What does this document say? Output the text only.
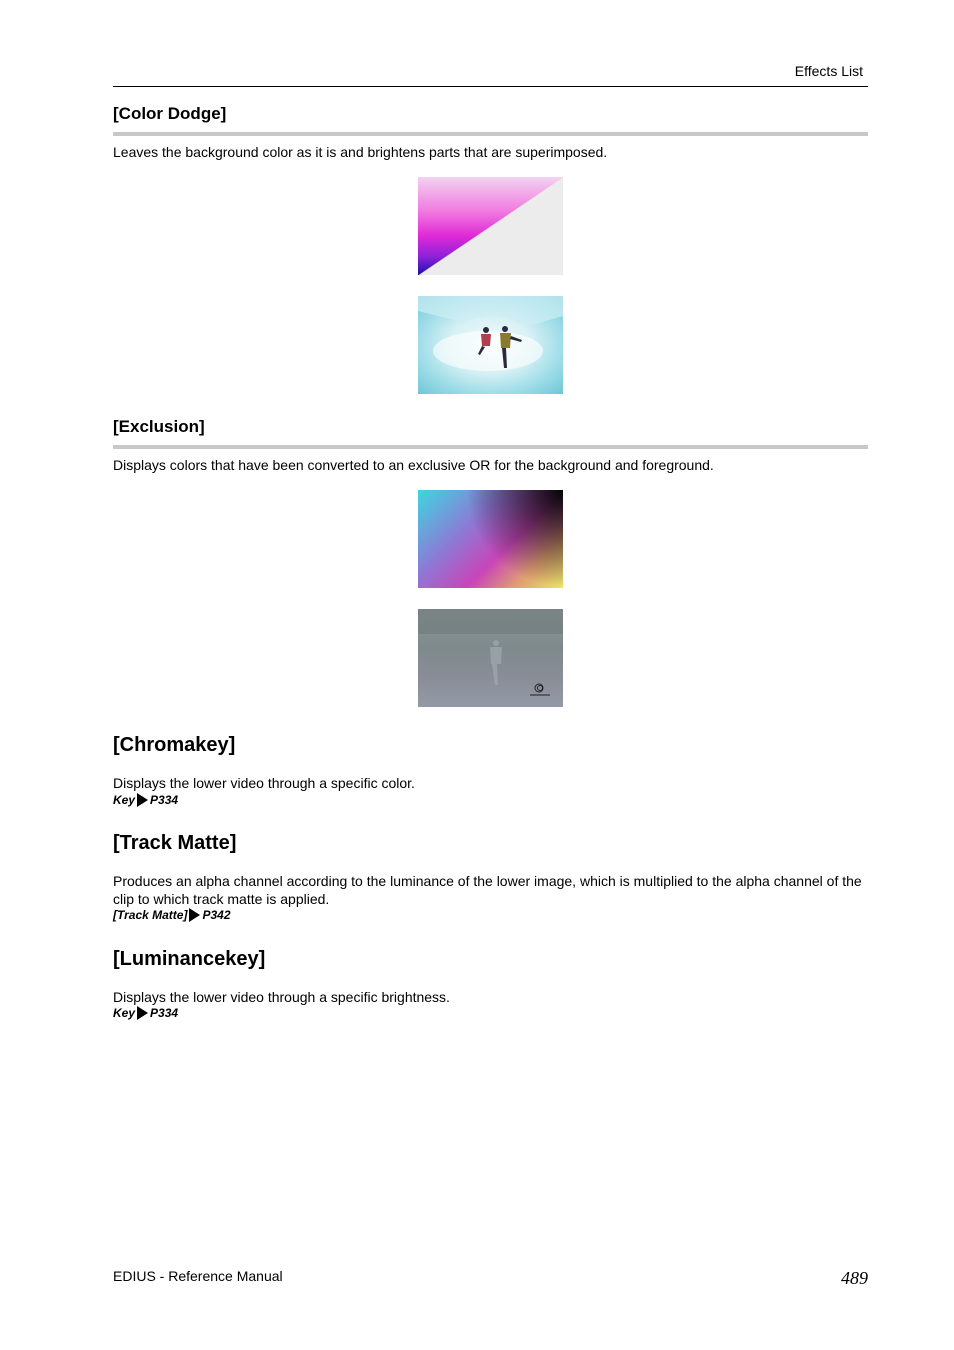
Effects List
[Color Dodge]
Leaves the background color as it is and brightens parts that are superimposed.
[Exclusion]
Displays colors that have been converted to an exclusive OR for the background and foreground.
[Chromakey]
Displays the lower video through a specific color.
Key P334
[Track Matte]
Produces an alpha channel according to the luminance of the lower image, which is multiplied to the alpha channel of the clip to which track matte is applied.
[Track Matte] P342
[Luminancekey]
Displays the lower video through a specific brightness.
Key P334
EDIUS - Reference Manual	489
